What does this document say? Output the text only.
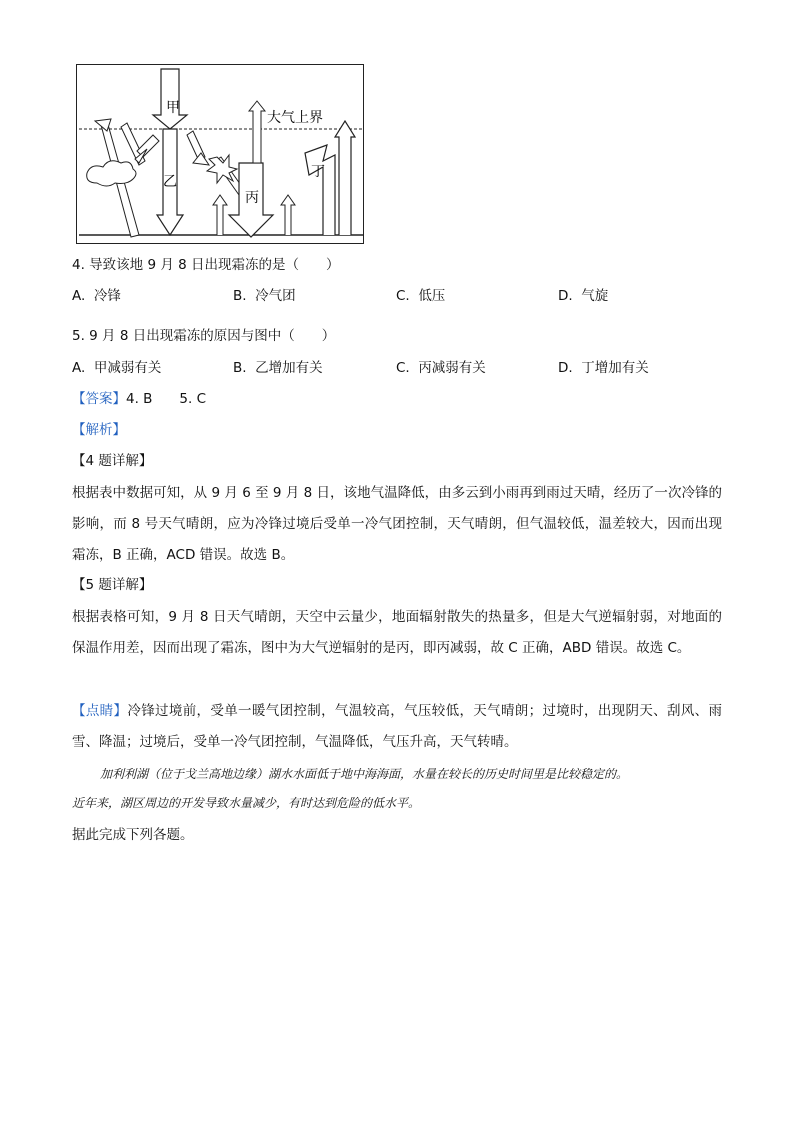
甲
乙
丙
丁
大气上界
4. 导致该地 9 月 8 日出现霜冻的是（　　）
A. 冷锋	B. 冷气团	C. 低压	D. 气旋
5. 9 月 8 日出现霜冻的原因与图中（　　）
A. 甲减弱有关	B. 乙增加有关	C. 丙减弱有关	D. 丁增加有关
【答案】4. B　　5. C
【解析】
【4 题详解】
根据表中数据可知，从 9 月 6 至 9 月 8 日，该地气温降低，由多云到小雨再到雨过天晴，经历了一次冷锋的影响，而 8 号天气晴朗，应为冷锋过境后受单一冷气团控制，天气晴朗，但气温较低，温差较大，因而出现霜冻，B 正确，ACD 错误。故选 B。
【5 题详解】
根据表格可知，9 月 8 日天气晴朗，天空中云量少，地面辐射散失的热量多，但是大气逆辐射弱，对地面的保温作用差，因而出现了霜冻，图中为大气逆辐射的是丙，即丙减弱，故 C 正确，ABD 错误。故选 C。
【点睛】冷锋过境前，受单一暖气团控制，气温较高，气压较低，天气晴朗；过境时，出现阴天、刮风、雨雪、降温；过境后，受单一冷气团控制，气温降低，气压升高，天气转晴。
加利利湖（位于戈兰高地边缘）湖水水面低于地中海海面，水量在较长的历史时间里是比较稳定的。
近年来，湖区周边的开发导致水量减少，有时达到危险的低水平。
据此完成下列各题。
